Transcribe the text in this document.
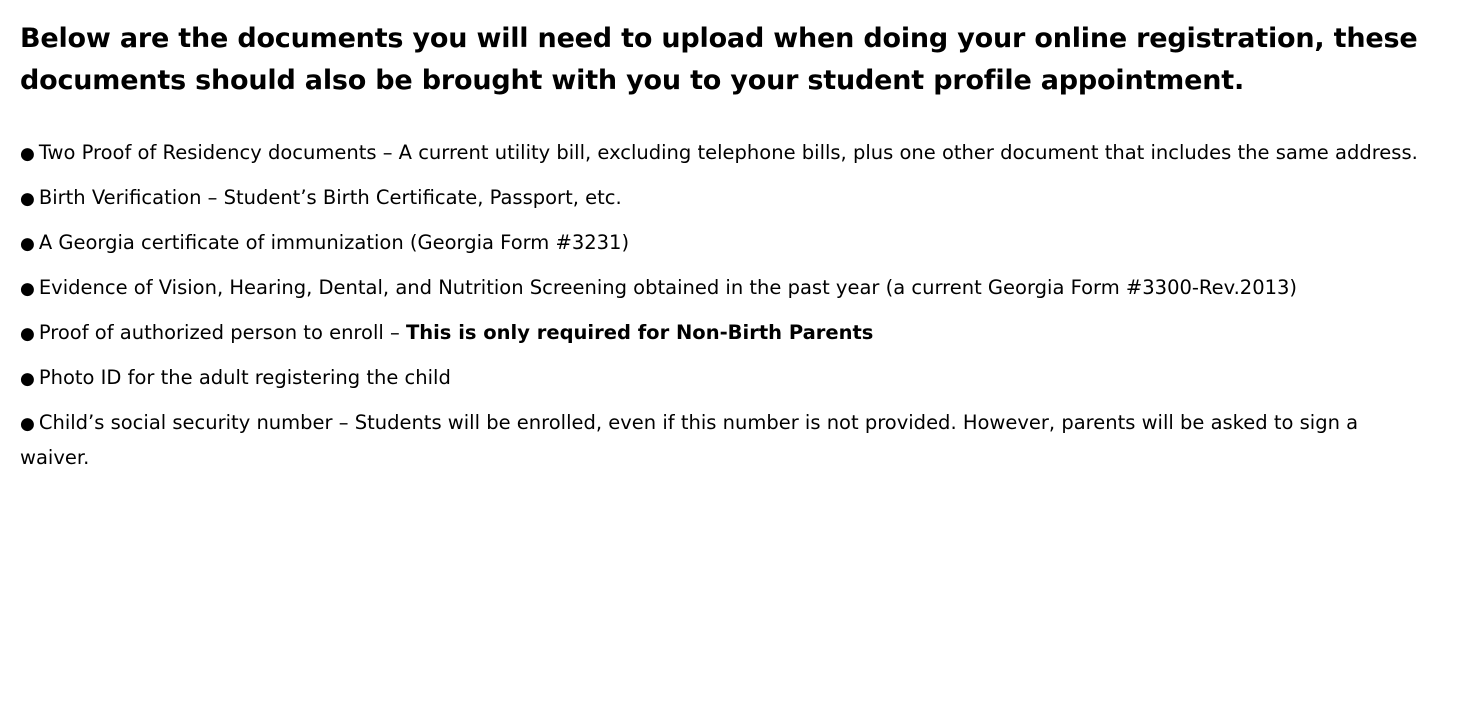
Below are the documents you will need to upload when doing your online registration, these documents should also be brought with you to your student profile appointment.
● Two Proof of Residency documents – A current utility bill, excluding telephone bills, plus one other document that includes the same address.
● Birth Verification – Student’s Birth Certificate, Passport, etc.
● A Georgia certificate of immunization (Georgia Form #3231)
● Evidence of Vision, Hearing, Dental, and Nutrition Screening obtained in the past year (a current Georgia Form #3300-Rev.2013)
● Proof of authorized person to enroll – This is only required for Non-Birth Parents
● Photo ID for the adult registering the child
● Child’s social security number – Students will be enrolled, even if this number is not provided. However, parents will be asked to sign a waiver.
